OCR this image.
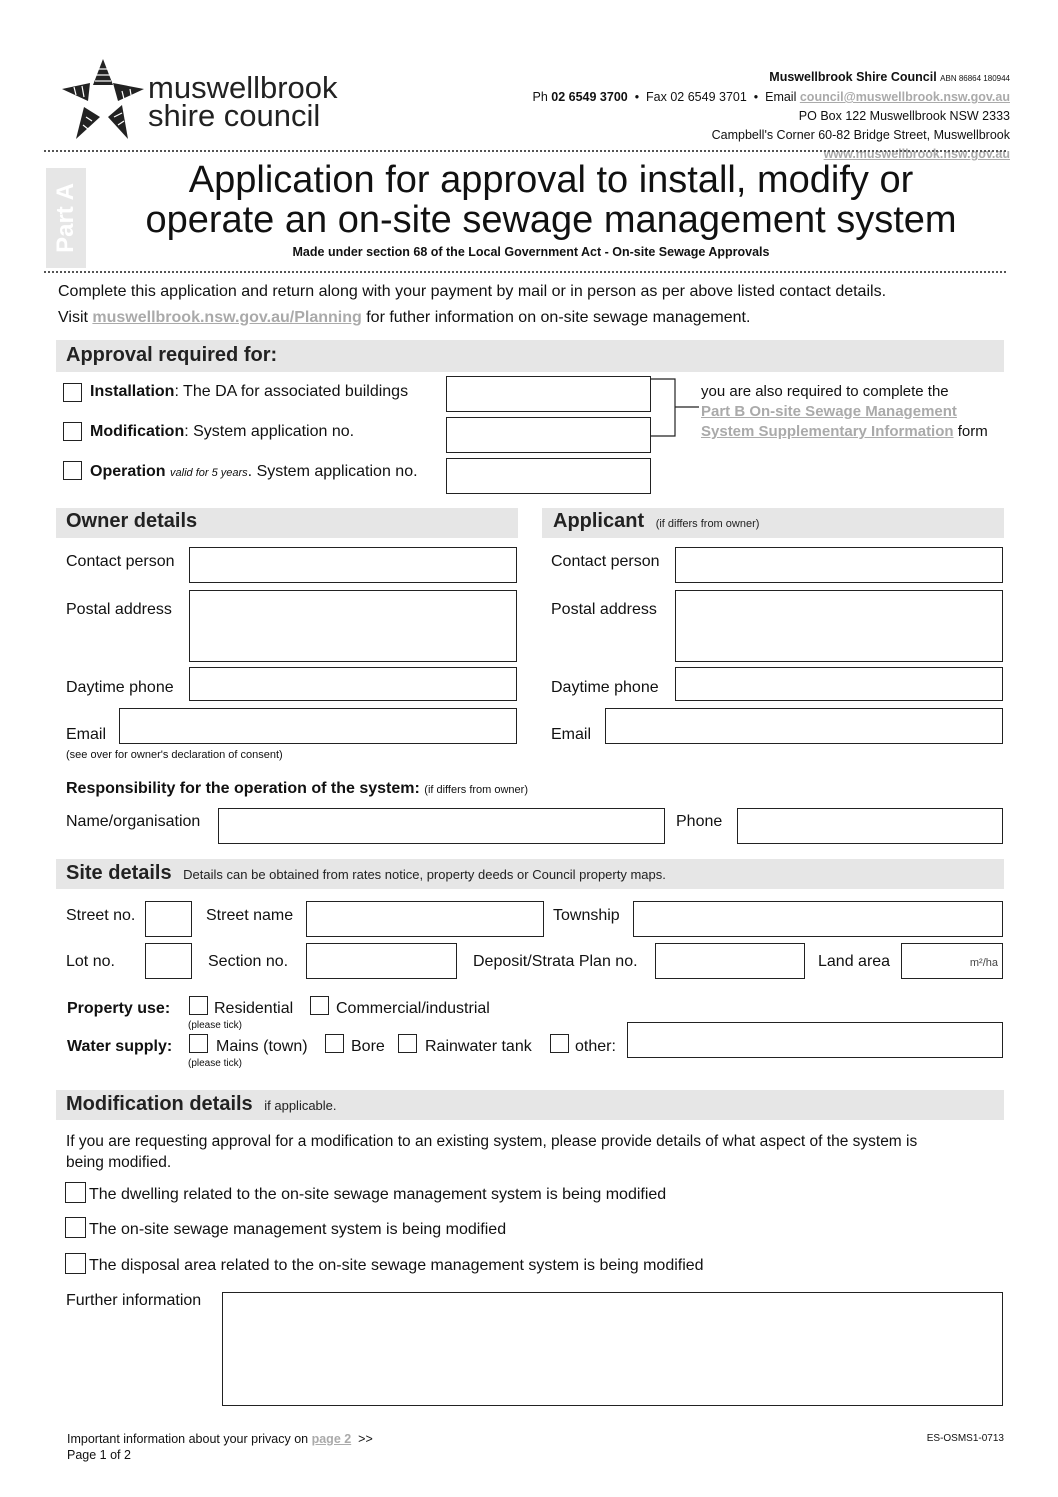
muswellbrook
shire council
Muswellbrook Shire Council ABN 86864 180944
Ph 02 6549 3700 • Fax 02 6549 3701 • Email council@muswellbrook.nsw.gov.au
PO Box 122 Muswellbrook NSW 2333
Campbell's Corner 60-82 Bridge Street, Muswellbrook
www.muswellbrook.nsw.gov.au
Part A
Application for approval to install, modify or
operate an on-site sewage management system
Made under section 68 of the Local Government Act - On-site Sewage Approvals
Complete this application and return along with your payment by mail or in person as per above listed contact details.
Visit muswellbrook.nsw.gov.au/Planning for futher information on on-site sewage management.
Approval required for:
Installation: The DA for associated buildings
Modification: System application no.
Operation valid for 5 years. System application no.
you are also required to complete the
Part B On-site Sewage Management
System Supplementary Information form
Owner details	Applicant (if differs from owner)
Contact person
Postal address
Daytime phone
Email
(see over for owner's declaration of consent)
Contact person
Postal address
Daytime phone
Email
Responsibility for the operation of the system: (if differs from owner)
Name/organisation	Phone
Site details Details can be obtained from rates notice, property deeds or Council property maps.
Street no.	Street name	Township
Lot no.	Section no.	Deposit/Strata Plan no.	Land area	m²/ha
Property use:	Residential	Commercial/industrial
(please tick)
Water supply:	Mains (town)	Bore	Rainwater tank	other:
(please tick)
Modification details if applicable.
If you are requesting approval for a modification to an existing system, please provide details of what aspect of the system is
being modified.
The dwelling related to the on-site sewage management system is being modified
The on-site sewage management system is being modified
The disposal area related to the on-site sewage management system is being modified
Further information
Important information about your privacy on page 2 >>
Page 1 of 2
ES-OSMS1-0713
